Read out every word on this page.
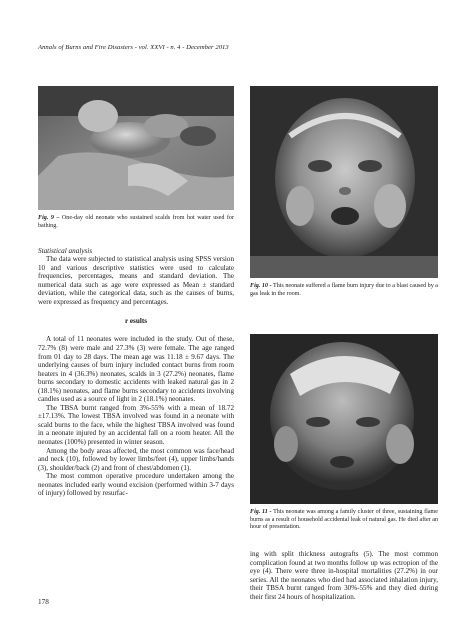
Annals of Burns and Fire Disasters - vol. XXVI - n. 4 - December 2013
Fig. 9 – One-day old neonate who sustained scalds from hot water used for bathing.
Statistical analysis

The data were subjected to statistical analysis using SPSS version 10 and various descriptive statistics were used to calculate frequencies, percentages, means and standard deviation. The numerical data such as age were expressed as Mean ± standard deviation, while the categorical data, such as the causes of burns, were expressed as frequency and percentages.

r esults

A total of 11 neonates were included in the study. Out of these, 72.7% (8) were male and 27.3% (3) were female. The age ranged from 01 day to 28 days. The mean age was 11.18 ± 9.67 days. The underlying causes of burn injury included contact burns from room heaters in 4 (36.3%) neonates, scalds in 3 (27.2%) neonates, flame burns secondary to domestic accidents with leaked natural gas in 2 (18.1%) neonates, and flame burns secondary to accidents involving candles used as a source of light in 2 (18.1%) neonates.

The TBSA burnt ranged from 3%-55% with a mean of 18.72 ±17.13%. The lowest TBSA involved was found in a neonate with scald burns to the face, while the highest TBSA involved was found in a neonate injured by an accidental fall on a room heater. All the neonates (100%) presented in winter season.

Among the body areas affected, the most common was face/head and neck (10), followed by lower limbs/feet (4), upper limbs/hands (3), shoulder/back (2) and front of chest/abdomen (1).

The most common operative procedure undertaken among the neonates included early wound excision (performed within 3-7 days of injury) followed by resurfac-

Fig. 10 - This neonate suffered a flame burn injury due to a blast caused by a gas leak in the room.
Fig. 11 - This neonate was among a family cluster of three, sustaining flame burns as a result of household accidental leak of natural gas. He died after an hour of presentation.

ing with split thickness autografts (5). The most common complication found at two months follow up was ectropion of the eye (4). There were three in-hospital mortalities (27.2%) in our series. All the neonates who died had associated inhalation injury, their TBSA burnt ranged from 30%-55% and they died during their first 24 hours of hospitalization.

178
